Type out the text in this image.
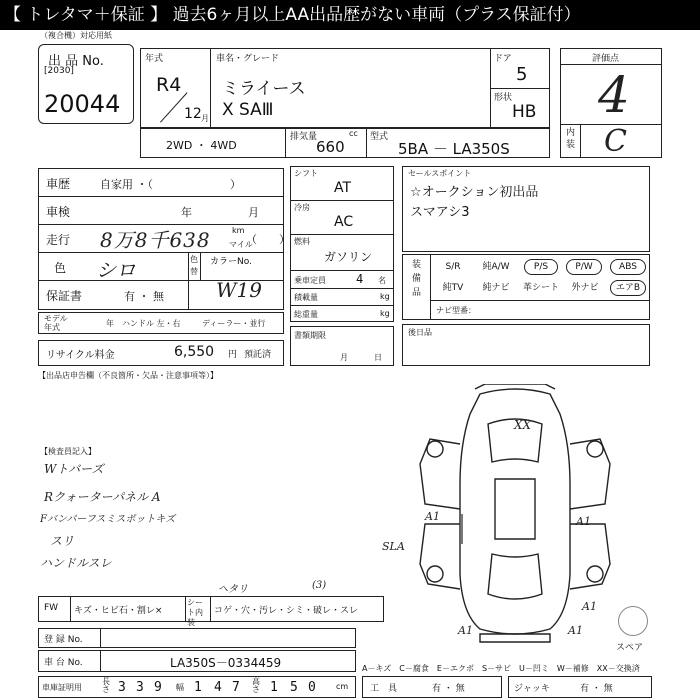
【 トレタマ＋保証 】 過去6ヶ月以上AA出品歴がない車両（プラス保証付）
（複合機）対応用紙
出 品 No.
[2030]
20044
年式
R4
12 月
車名・グレード
ミライース
X SAⅢ
ドア
5
形状
HB
評価点
4
内装 C
2WD ・ 4WD
排気量	cc
660
型式
5BA － LA350S
車歴	自家用 ・（　　　　　　　）
車検	年	月
走行 8万8千638	km
マイル
（　　）
色 シロ	色替
カラーNo.
W19
保証書	有 ・ 無
モデル年式	年 ハンドル 左・右	ディーラー・並行
リサイクル料金	6,550 円 預託済
シフト
AT
冷房
AC
燃料
ガソリン
乗車定員	4 名
積載量	kg
総重量	kg
書類期限
月	日
セールスポイント
☆オークション初出品
スマアシ3
装備品
S/R	純A/W	P/S	P/W	ABS
純TV	純ナビ	革シート	外ナビ	エアB
ナビ型番：
後日品
【出品店申告欄（不良箇所・欠品・注意事項等）】
【検査員記入】
Wトバーズ
Rクォーターパネル A
Fバンパーフスミスポットキズ
スリ
ハンドルスレ
XX
A1	A1
A1
SLA
A1	A1
スペア
FW キズ・ヒビ石・割レ×
シート内装
コゲ・穴・汚レ・シミ・破レ・スレ
ヘタリ	(3)
登 録 No.
車 台 No.	LA350S－0334459	A－キズ　C－腐食　E－エクボ　S－サビ　U－凹ミ　W－補修　XX－交換済
車庫証明用
長さ 3 3 9 幅 1 4 7 高さ 1 5 0	cm 工　具	有 ・ 無	ジャッキ	有 ・ 無
